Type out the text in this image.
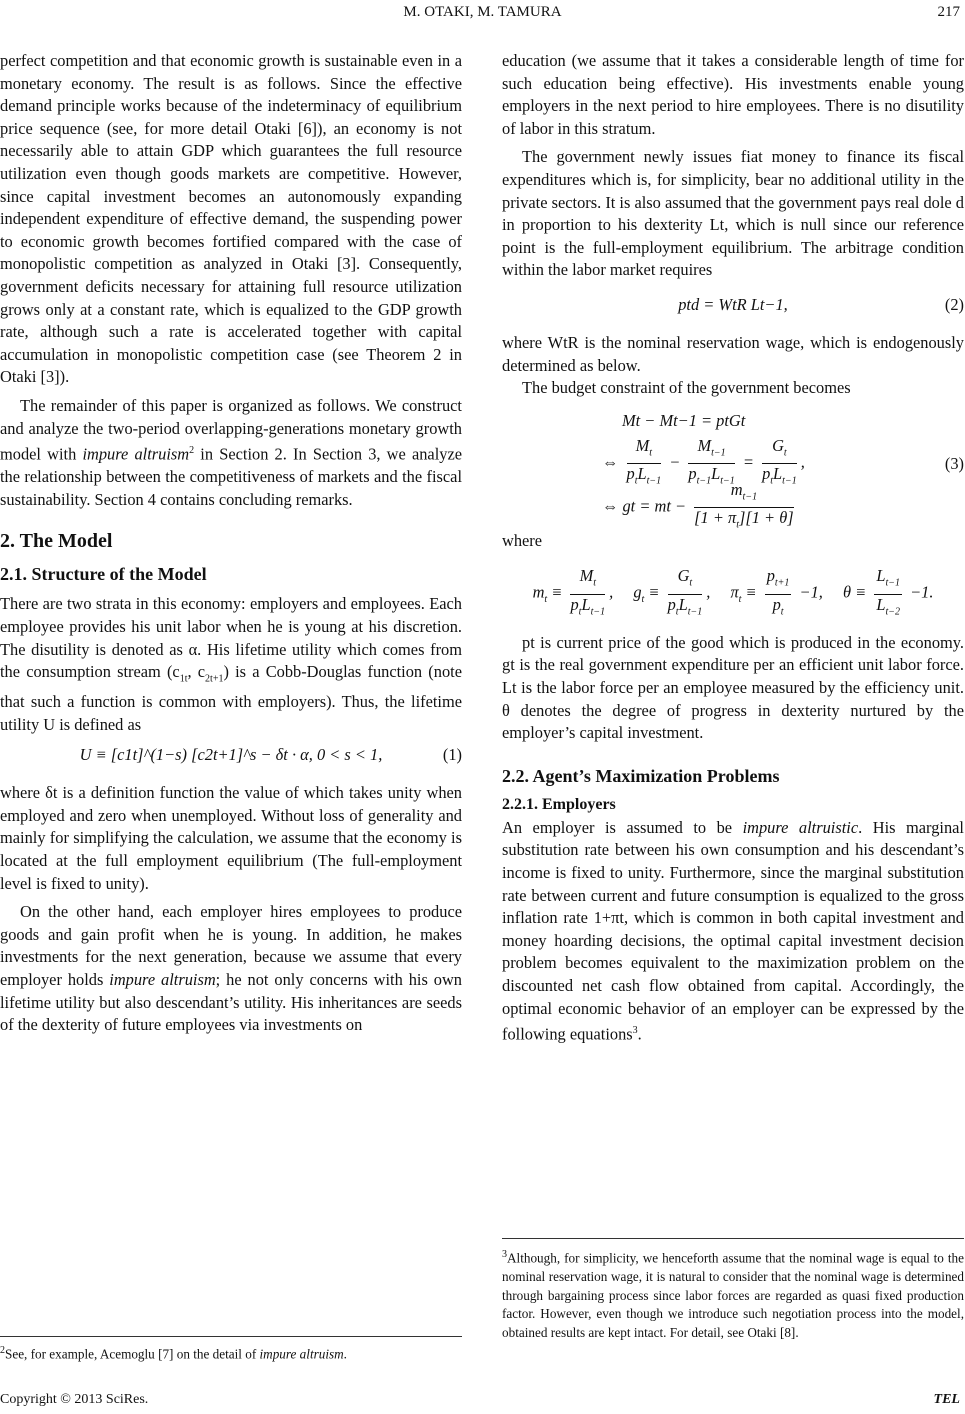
M. OTAKI, M. TAMURA	217

perfect competition and that economic growth is sustainable even in a monetary economy. The result is as follows. Since the effective demand principle works because of the indeterminacy of equilibrium price sequence (see, for more detail Otaki [6]), an economy is not necessarily able to attain GDP which guarantees the full resource utilization even though goods markets are competitive. However, since capital investment becomes an autonomously expanding independent expenditure of effective demand, the suspending power to economic growth becomes fortified compared with the case of monopolistic competition as analyzed in Otaki [3]. Consequently, government deficits necessary for attaining full resource utilization grows only at a constant rate, which is equalized to the GDP growth rate, although such a rate is accelerated together with capital accumulation in monopolistic competition case (see Theorem 2 in Otaki [3]).

The remainder of this paper is organized as follows. We construct and analyze the two-period overlapping-generations monetary growth model with impure altruism$^2$ in Section 2. In Section 3, we analyze the relationship between the competitiveness of markets and the fiscal sustainability. Section 4 contains concluding remarks.

2. The Model
2.1. Structure of the Model

There are two strata in this economy: employers and employees. Each employee provides his unit labor when he is young at his discretion. The disutility is denoted as α. His lifetime utility which comes from the consumption stream ($c_{1t}$, $c_{2t+1}$) is a Cobb-Douglas function (note that such a function is common with employers). Thus, the lifetime utility U is defined as

U ≡ [c1t]^(1−s) [c2t+1]^s − δt · α, 0 < s < 1,	(1)

where δt is a definition function the value of which takes unity when employed and zero when unemployed. Without loss of generality and mainly for simplifying the calculation, we assume that the economy is located at the full employment equilibrium (The full-employment level is fixed to unity).

On the other hand, each employer hires employees to produce goods and gain profit when he is young. In addition, he makes investments for the next generation, because we assume that every employer holds impure altruism; he not only concerns with his own lifetime utility but also descendant’s utility. His inheritances are seeds of the dexterity of future employees via investments on

education (we assume that it takes a considerable length of time for such education being effective). His investments enable young employers in the next period to hire employees. There is no disutility of labor in this stratum.

The government newly issues fiat money to finance its fiscal expenditures which is, for simplicity, bear no additional utility in the private sectors. It is also assumed that the government pays real dole d in proportion to his dexterity Lt, which is null since our reference point is the full-employment equilibrium. The arbitrage condition within the labor market requires

ptd = WtR Lt−1,	(2)

where WtR is the nominal reservation wage, which is endogenously determined as below.

The budget constraint of the government becomes

Mt − Mt−1 = ptGt
⇔ $\frac{M_t}{p_tL_{t-1}} - \frac{M_{t-1}}{p_{t-1}L_{t-1}} = \frac{G_t}{p_tL_{t-1}}$ ,
⇔ gt = mt − $\frac{m_{t-1}}{[1 + \pi_t][1 + \theta]}$
(3)

where

$m_t \equiv \frac{M_t}{p_tL_{t-1}}$ , $g_t \equiv \frac{G_t}{p_tL_{t-1}}$ , $\pi_t \equiv \frac{p_{t+1}}{p_t} -1$, $\theta \equiv \frac{L_{t-1}}{L_{t-2}} -1$.

pt is current price of the good which is produced in the economy. gt is the real government expenditure per an efficient unit labor force. Lt is the labor force per an employee measured by the efficiency unit. θ denotes the degree of progress in dexterity nurtured by the employer’s capital investment.

2.2. Agent’s Maximization Problems
2.2.1. Employers

An employer is assumed to be impure altruistic. His marginal substitution rate between his own consumption and his descendant’s income is fixed to unity. Furthermore, since the marginal substitution rate between current and future consumption is equalized to the gross inflation rate 1+πt, which is common in both capital investment and money hoarding decisions, the optimal capital investment decision problem becomes equivalent to the maximization problem on the discounted net cash flow obtained from capital. Accordingly, the optimal economic behavior of an employer can be expressed by the following equations$^3$.

$^2$See, for example, Acemoglu [7] on the detail of impure altruism.
$^3$Although, for simplicity, we henceforth assume that the nominal wage is equal to the nominal reservation wage, it is natural to consider that the nominal wage is determined through bargaining process since labor forces are regarded as quasi fixed production factor. However, even though we introduce such negotiation process into the model, obtained results are kept intact. For detail, see Otaki [8].
Copyright © 2013 SciRes.	TEL
